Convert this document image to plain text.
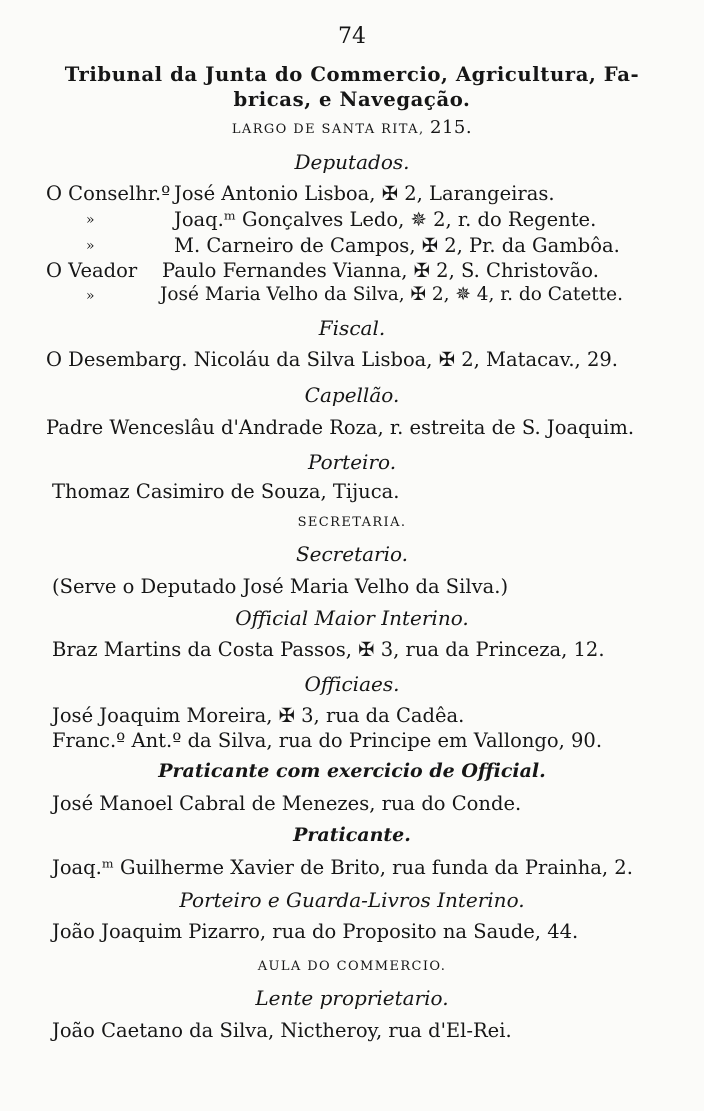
74
Tribunal da Junta do Commercio, Agricultura, Fa-
bricas, e Navegação.
LARGO DE SANTA RITA, 215.
Deputados.
O Conselhr.º José Antonio Lisboa, ✠ 2, Larangeiras.
»	Joaq.ᵐ Gonçalves Ledo, ✵ 2, r. do Regente.
»	M. Carneiro de Campos, ✠ 2, Pr. da Gambôa.
O Veador Paulo Fernandes Vianna, ✠ 2, S. Christovão.
»	José Maria Velho da Silva, ✠ 2, ✵ 4, r. do Catette.
Fiscal.
O Desembarg. Nicoláu da Silva Lisboa, ✠ 2, Matacav., 29.
Capellão.
Padre Wenceslâu d'Andrade Roza, r. estreita de S. Joaquim.
Porteiro.
Thomaz Casimiro de Souza, Tijuca.
SECRETARIA.
Secretario.
(Serve o Deputado José Maria Velho da Silva.)
Official Maior Interino.
Braz Martins da Costa Passos, ✠ 3, rua da Princeza, 12.
Officiaes.
José Joaquim Moreira, ✠ 3, rua da Cadêa.
Franc.º Ant.º da Silva, rua do Principe em Vallongo, 90.
Praticante com exercicio de Official.
José Manoel Cabral de Menezes, rua do Conde.
Praticante.
Joaq.ᵐ Guilherme Xavier de Brito, rua funda da Prainha, 2.
Porteiro e Guarda-Livros Interino.
João Joaquim Pizarro, rua do Proposito na Saude, 44.
AULA DO COMMERCIO.
Lente proprietario.
João Caetano da Silva, Nictheroy, rua d'El-Rei.
